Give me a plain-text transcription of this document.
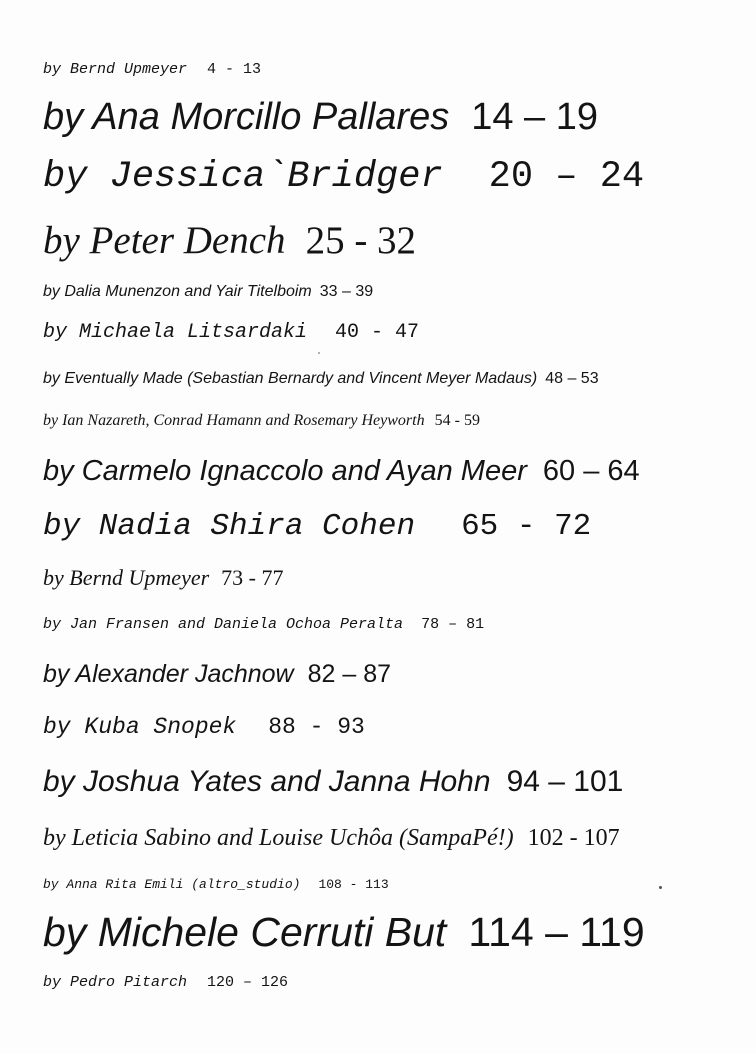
by Bernd Upmeyer 4 - 13

by Ana Morcillo Pallares 14 – 19

by Jessica`Bridger 20 – 24

by Peter Dench 25 - 32

by Dalia Munenzon and Yair Titelboim 33 – 39

by Michaela Litsardaki 40 - 47

by Eventually Made (Sebastian Bernardy and Vincent Meyer Madaus) 48 – 53

by Ian Nazareth, Conrad Hamann and Rosemary Heyworth 54 - 59

by Carmelo Ignaccolo and Ayan Meer 60 – 64

by Nadia Shira Cohen 65 - 72

by Bernd Upmeyer 73 - 77

by Jan Fransen and Daniela Ochoa Peralta 78 – 81

by Alexander Jachnow 82 – 87

by Kuba Snopek 88 - 93

by Joshua Yates and Janna Hohn 94 – 101

by Leticia Sabino and Louise Uchôa (SampaPé!) 102 - 107

by Anna Rita Emili (altro_studio) 108 - 113

by Michele Cerruti But 114 – 119

by Pedro Pitarch 120 – 126
